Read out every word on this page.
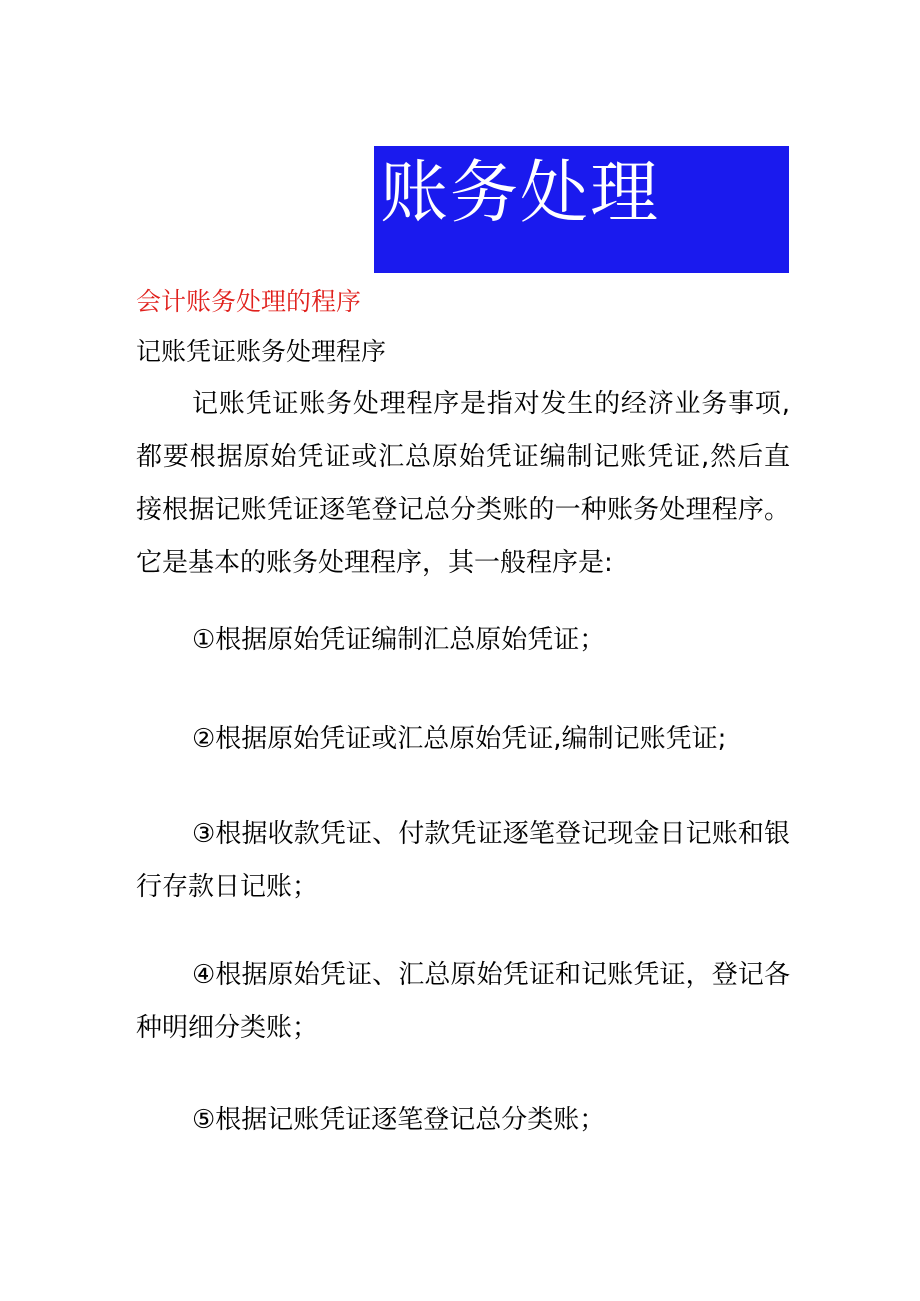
账务处理
会计账务处理的程序
记账凭证账务处理程序

记账凭证账务处理程序是指对发生的经济业务事项,都要根据原始凭证或汇总原始凭证编制记账凭证,然后直接根据记账凭证逐笔登记总分类账的一种账务处理程序。它是基本的账务处理程序，其一般程序是:

①根据原始凭证编制汇总原始凭证；

②根据原始凭证或汇总原始凭证,编制记账凭证;

③根据收款凭证、付款凭证逐笔登记现金日记账和银行存款日记账；

④根据原始凭证、汇总原始凭证和记账凭证，登记各种明细分类账；

⑤根据记账凭证逐笔登记总分类账；
